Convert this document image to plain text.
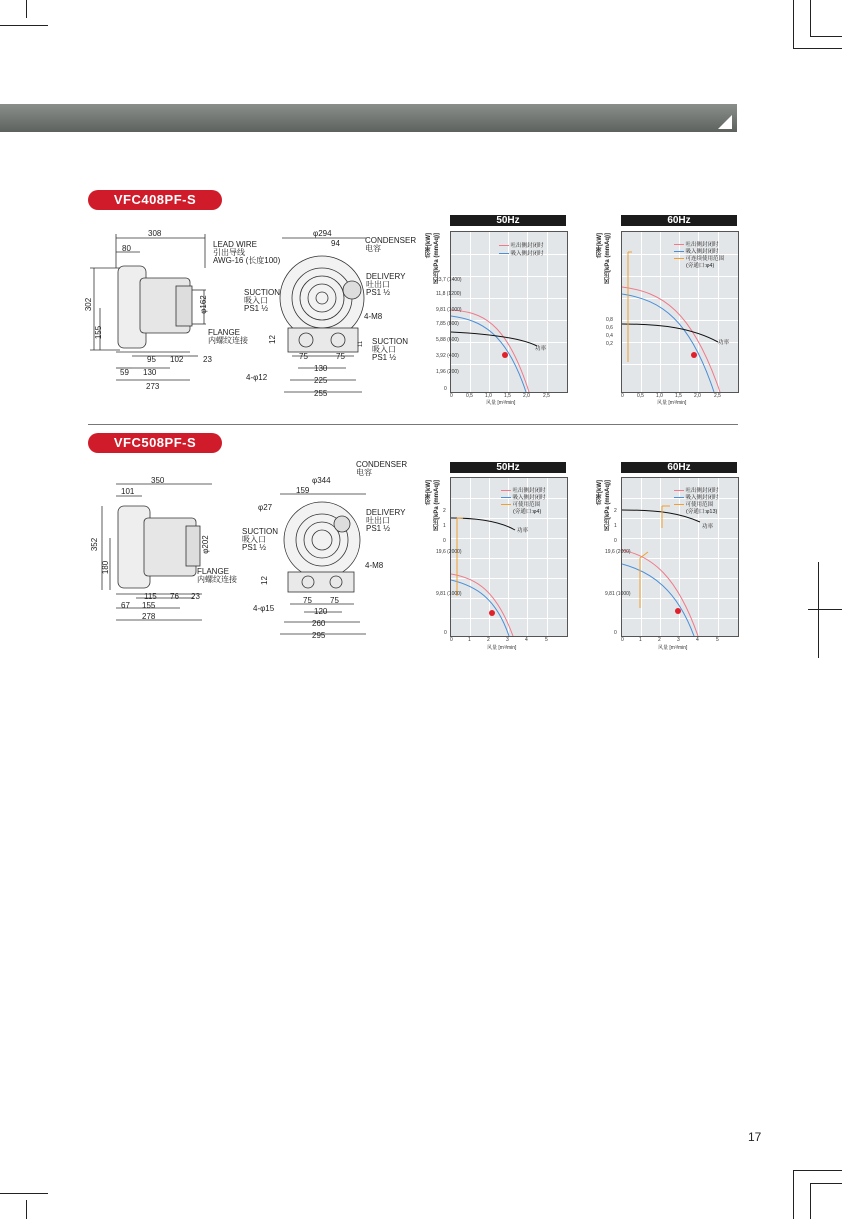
VFC408PF-S
308
80
302
155
φ162
95 102 23
59 130
273
FLANGE
内螺纹连接
φ294
94
12
75	75
130
225
255
4-φ12
4-M8
11
LEAD WIRE
引出导线
AWG-16 (长度100)
CONDENSER
电容
DELIVERY
吐出口
PS1 ½
SUCTION
吸入口
PS1 ½
SUCTION
吸入口
PS1 ½
50Hz
吐出侧封闭时
吸入侧封闭时
功率
功率[kW] 风压[kPa (mmAq)]
13,7 (1400)
11,8 (1200)
9,81 (1000)
7,85 (800)
5,88 (600)
3,92 (400)
1,96 (200)
0
0	0,5 1,0 1,5 2,0	2,5
风量 [m³/min]
60Hz
吐出侧封闭时
吸入侧封闭时
可连续使用范围
(旁通口:φ4)
功率
功率[kW] 风压[kPa (mmAq)]
0,8
0,6
0,4
0,2
0	0,5 1,0 1,5 2,0	2,5
风量 [m³/min]
VFC508PF-S
350
101
352
180
φ202
115 76 23
67 155
278
FLANGE
内螺纹连接
159
φ344
φ27
12
75 75
120
260
295
4-φ15
4-M8
CONDENSER
电容
DELIVERY
吐出口
PS1 ½
SUCTION
吸入口
PS1 ½
50Hz
吐出侧封闭时
吸入侧封闭时
可使用范围
(旁通口:φ4)
功率
功率[kW] 风压[kPa (mmAq)] 2
1
0
19,6 (2000)
9,81 (1000)
0
0	1	2	3	4	5
风量 [m³/min]
60Hz
吐出侧封闭时
吸入侧封闭时
可使用范围
(旁通口:φ13)
功率
功率[kW] 风压[kPa (mmAq)] 2
1
0
19,6 (2000)
9,81 (1000)
0
0	1	2	3	4	5
风量 [m³/min]
17
